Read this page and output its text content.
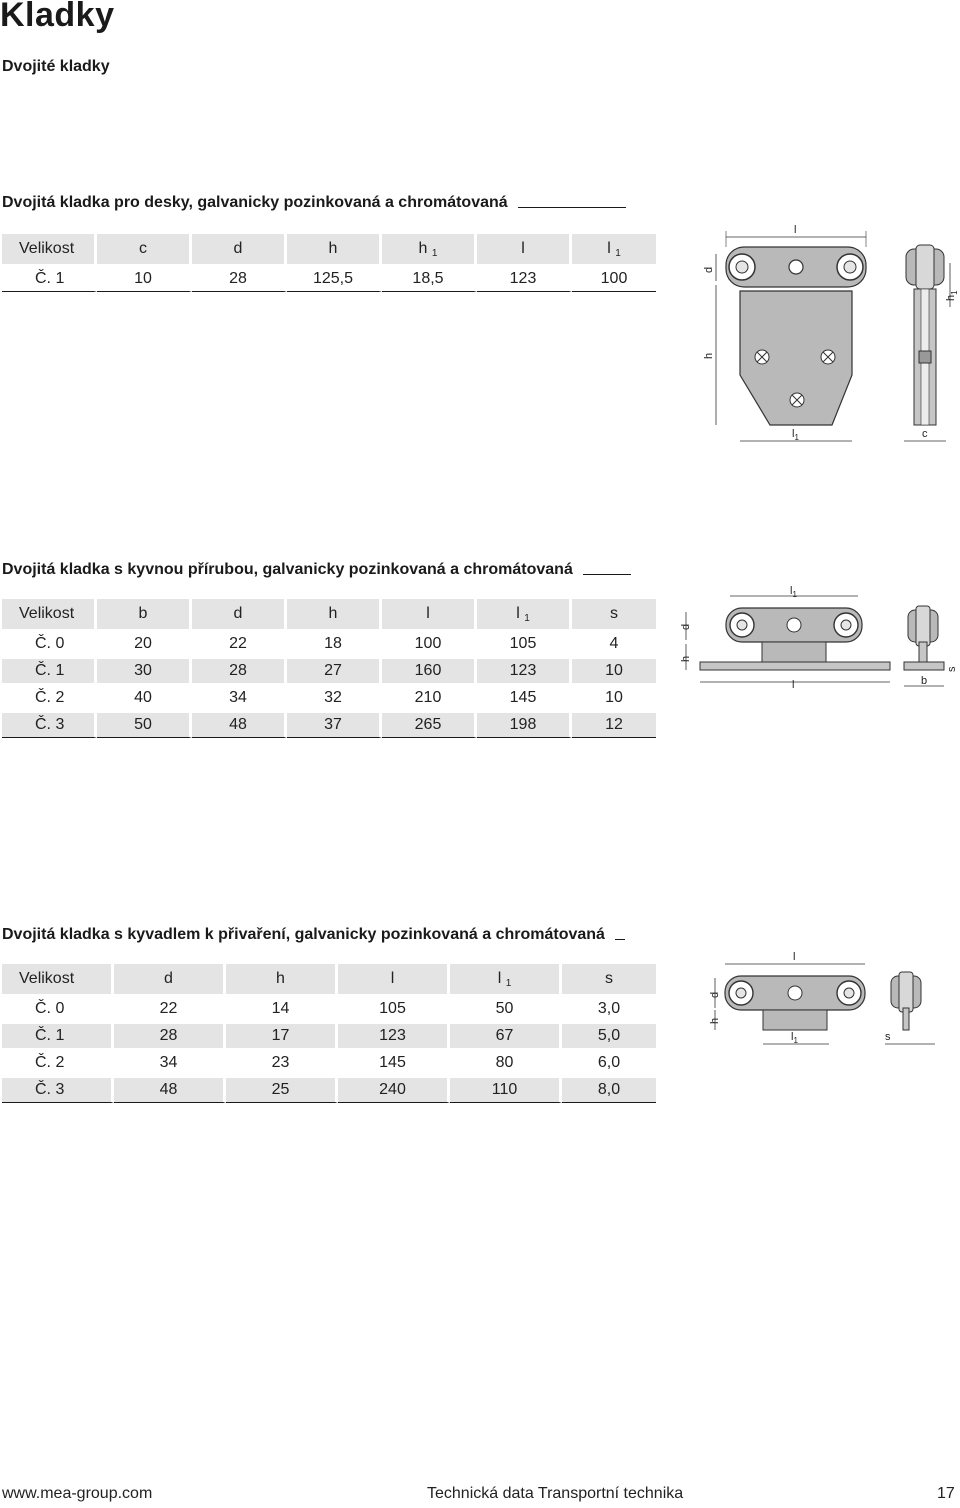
Kladky
Dvojité kladky
Dvojitá kladka pro desky, galvanicky pozinkovaná a chromátovaná
Velikost	c	d	h	h $_1$	l	l $_1$
Č. 1	10	28	125,5	18,5	123	100
l
d
h
$l_1$
$h_1$
c
Dvojitá kladka s kyvnou přírubou, galvanicky pozinkovaná a chromátovaná
Velikost	b	d	h	l	l $_1$	s
Č. 0	20	22	18	100	105	4
Č. 1	30	28	27	160	123	10
Č. 2	40	34	32	210	145	10
Č. 3	50	48	37	265	198	12
$l_1$
d
h
l	b
s
Dvojitá kladka s kyvadlem k přivaření, galvanicky pozinkovaná a chromátovaná
Velikost	d	h	l	l $_1$	s
Č. 0	22	14	105	50	3,0
Č. 1	28	17	123	67	5,0
Č. 2	34	23	145	80	6,0
Č. 3	48	25	240	110	8,0
l
d
h
$l_1$	s
www.mea-group.com	Technická data Transportní technika	17
